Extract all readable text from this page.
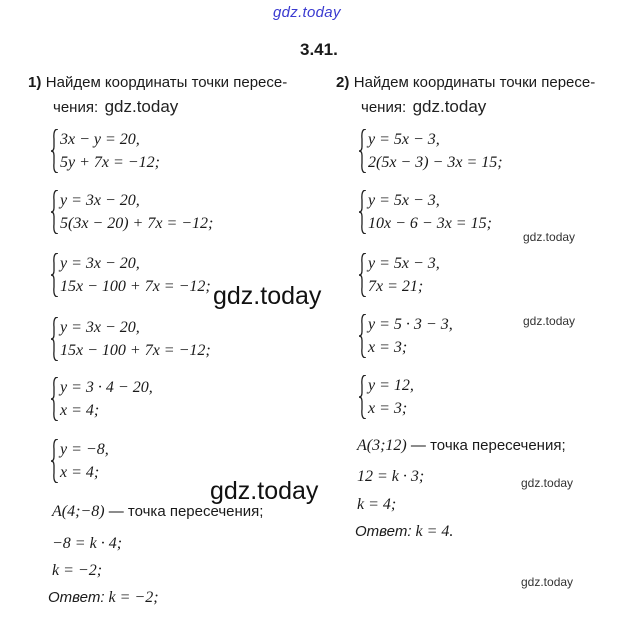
gdz.today
3.41.
1) Найдем координаты точки пересе-
чения: gdz.today
3x − y = 20,
5y + 7x = −12;
y = 3x − 20,
5(3x − 20) + 7x = −12;
y = 3x − 20,
15x − 100 + 7x = −12;
y = 3x − 20,
15x − 100 + 7x = −12;
y = 3 · 4 − 20,
x = 4;
y = −8,
x = 4;
A(4;−8) — точка пересечения;
−8 = k · 4;
k = −2;
Ответ: k = −2;
2) Найдем координаты точки пересе-
чения: gdz.today
y = 5x − 3,
2(5x − 3) − 3x = 15;
y = 5x − 3,
10x − 6 − 3x = 15;
y = 5x − 3,
7x = 21;
y = 5 · 3 − 3,
x = 3;
y = 12,
x = 3;
A(3;12) — точка пересечения;
12 = k · 3;
k = 4;
Ответ: k = 4.
gdz.today
gdz.today
gdz.today
gdz.today
gdz.today
gdz.today
